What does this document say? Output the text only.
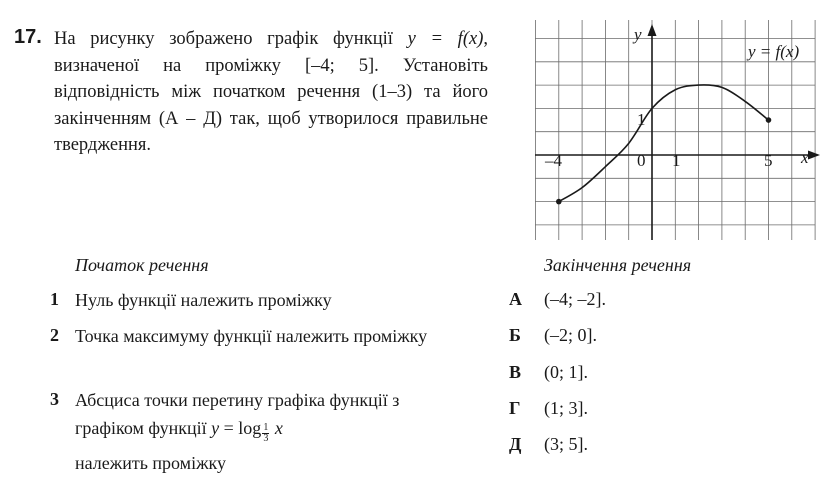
17. На рисунку зображено графік функції y = f(x), визначеної на проміжку [–4; 5]. Установіть відповідність між початком речення (1–3) та його закінченням (А – Д) так, щоб утворилося правильне твердження.
y
x
–4	0 1	5
1
y = f(x)
Початок речення	Закінчення речення
1 Нуль функції належить проміжку
2 Точка максимуму функції належить проміжку
3 Абсциса точки перетину графіка функції з графіком функції $y = \log \frac{1}{3}$ x
належить проміжку
А (–4; –2].
Б (–2; 0].
В (0; 1].
Г (1; 3].
Д (3; 5].
